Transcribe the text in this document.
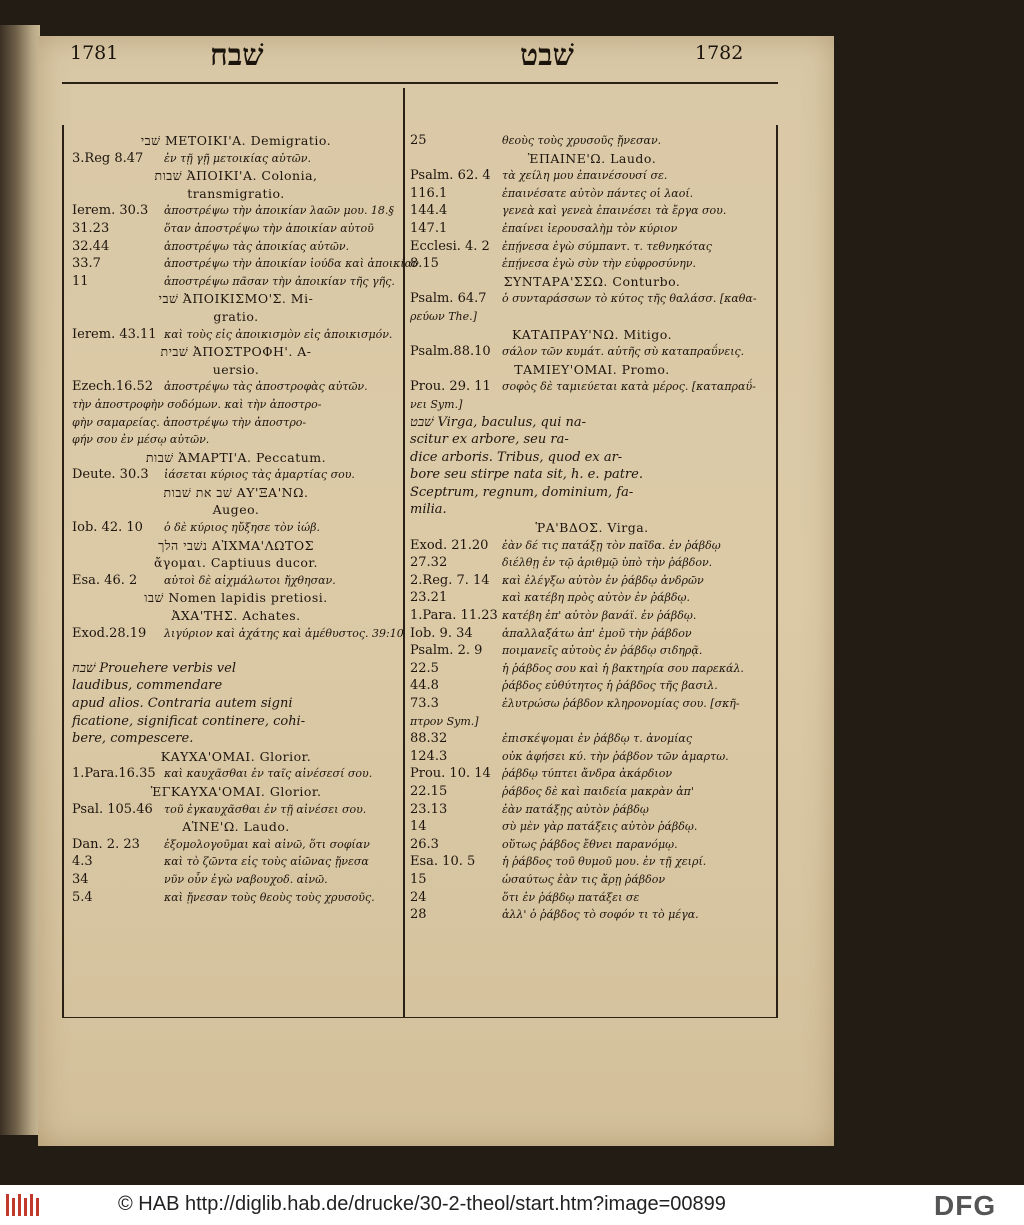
1781	שׁבח	שׁבט	1782
שׁבי ΜΕΤΟΙΚΙ'Α. Demigratio.
3.Reg 8.47 ἐν τῇ γῇ μετοικίας αὐτῶν.
שׁבות ἈΠΟΙΚΙ'Α. Colonia,
transmigratio.
Ierem. 30.3 ἀποστρέψω τὴν ἀποικίαν λαῶν μου. 18.§
31.23	ὅταν ἀποστρέψω τὴν ἀποικίαν αὐτοῦ
32.44	ἀποστρέψω τὰς ἀποικίας αὐτῶν.
33.7	ἀποστρέψω τὴν ἀποικίαν ἰούδα καὶ ἀποικίαν
11	ἀποστρέψω πᾶσαν τὴν ἀποικίαν τῆς γῆς.
שׁבי ἈΠΟΙΚΙΣΜΟ'Σ. Mi-
gratio.
Ierem. 43.11 καὶ τοὺς εἰς ἀποικισμὸν εἰς ἀποικισμόν.
שׁבית ἈΠΟΣΤΡΟΦΗ'. A-
uersio.
Ezech.16.52 ἀποστρέψω τὰς ἀποστροφὰς αὐτῶν.
τὴν ἀποστροφὴν σοδόμων. καὶ τὴν ἀποστρο-
φὴν σαμαρείας. ἀποστρέψω τὴν ἀποστρο-
φήν σου ἐν μέσῳ αὐτῶν.
שׁבות ἉΜΑΡΤΙ'Α. Peccatum.
Deute. 30.3 ἰάσεται κύριος τὰς ἁμαρτίας σου.
שׁב את שׁבות ΑΥ'ΞΑ'ΝΩ.
Augeo.
Iob. 42. 10 ὁ δὲ κύριος ηὔξησε τὸν ἰώβ.
נשׁבי הלך ΑἸΧΜΑ'ΛΩΤΟΣ
ἄγομαι. Captiuus ducor.
Esa. 46. 2 αὐτοὶ δὲ αἰχμάλωτοι ἤχθησαν.
שׁבו Nomen lapidis pretiosi.
ἈΧΑ'ΤΗΣ. Achates.
Exod.28.19 λιγύριον καὶ ἀχάτης καὶ ἀμέθυστος. 39:10
שׁבח Prouehere verbis vel
laudibus, commendare
apud alios. Contraria autem signi
ficatione, significat continere, cohi-
bere, compescere.
ΚΑΥΧΑ'ΟΜΑΙ. Glorior.
1.Para.16.35 καὶ καυχᾶσθαι ἐν ταῖς αἰνέσεσί σου.
ἘΓΚΑΥΧΑ'ΟΜΑΙ. Glorior.
Psal. 105.46 τοῦ ἐγκαυχᾶσθαι ἐν τῇ αἰνέσει σου.
ΑἸΝΕ'Ω. Laudo.
Dan. 2. 23 ἐξομολογοῦμαι καὶ αἰνῶ, ὅτι σοφίαν
4.3	καὶ τὸ ζῶντα εἰς τοὺς αἰῶνας ᾔνεσα
34	νῦν οὖν ἐγὼ ναβουχοδ. αἰνῶ.
5.4	καὶ ᾔνεσαν τοὺς θεοὺς τοὺς χρυσοῦς.
25	θεοὺς τοὺς χρυσοῦς ᾔνεσαν.
ἘΠΑΙΝΕ'Ω. Laudo.
Psalm. 62. 4 τὰ χείλη μου ἐπαινέσουσί σε.
116.1	ἐπαινέσατε αὐτὸν πάντες οἱ λαοί.
144.4	γενεὰ καὶ γενεὰ ἐπαινέσει τὰ ἔργα σου.
147.1	ἐπαίνει ἱερουσαλὴμ τὸν κύριον
Ecclesi. 4. 2 ἐπῄνεσα ἐγὼ σύμπαντ. τ. τεθνηκότας
8.15	ἐπῄνεσα ἐγὼ σὺν τὴν εὐφροσύνην.
ΣΥΝΤΑΡΑ'ΣΣΩ. Conturbo.
Psalm. 64.7 ὁ συνταράσσων τὸ κύτος τῆς θαλάσσ. [καθα-
ρεύων The.]
ΚΑΤΑΠΡΑΥ'ΝΩ. Mitigo.
Psalm.88.10 σάλον τῶν κυμάτ. αὐτῆς σὺ καταπραΰνεις.
ΤΑΜΙΕΥ'ΟΜΑΙ. Promo.
Prou. 29. 11 σοφὸς δὲ ταμιεύεται κατὰ μέρος. [καταπραΰ-
νει Sym.]
שׁבט Virga, baculus, qui na-
scitur ex arbore, seu ra-
dice arboris. Tribus, quod ex ar-
bore seu stirpe nata sit, h. e. patre.
Sceptrum, regnum, dominium, fa-
milia.
ῬΑ'ΒΔΟΣ. Virga.
Exod. 21.20 ἐὰν δέ τις πατάξῃ τὸν παῖδα. ἐν ῥάβδῳ
27.32	διέλθῃ ἐν τῷ ἀριθμῷ ὑπὸ τὴν ῥάβδον.
2.Reg. 7. 14 καὶ ἐλέγξω αὐτὸν ἐν ῥάβδῳ ἀνδρῶν
23.21	καὶ κατέβη πρὸς αὐτὸν ἐν ῥάβδῳ.
1.Para. 11.23 κατέβη ἐπ' αὐτὸν βανάϊ. ἐν ῥάβδῳ.
Iob. 9. 34	ἀπαλλαξάτω ἀπ' ἐμοῦ τὴν ῥάβδον
Psalm. 2. 9 ποιμανεῖς αὐτοὺς ἐν ῥάβδῳ σιδηρᾷ.
22.5	ἡ ῥάβδος σου καὶ ἡ βακτηρία σου παρεκάλ.
44.8	ῥάβδος εὐθύτητος ἡ ῥάβδος τῆς βασιλ.
73.3	ἐλυτρώσω ῥάβδον κληρονομίας σου. [σκῆ-
πτρον Sym.]
88.32	ἐπισκέψομαι ἐν ῥάβδῳ τ. ἀνομίας
124.3	οὐκ ἀφήσει κύ. τὴν ῥάβδον τῶν ἁμαρτω.
Prou. 10. 14 ῥάβδῳ τύπτει ἄνδρα ἀκάρδιον
22.15	ῥάβδος δὲ καὶ παιδεία μακρὰν ἀπ'
23.13	ἐὰν πατάξῃς αὐτὸν ῥάβδῳ
14	σὺ μὲν γὰρ πατάξεις αὐτὸν ῥάβδῳ.
26.3	οὕτως ῥάβδος ἔθνει παρανόμῳ.
Esa. 10. 5 ἡ ῥάβδος τοῦ θυμοῦ μου. ἐν τῇ χειρί.
15	ὡσαύτως ἐὰν τις ἄρῃ ῥάβδον
24	ὅτι ἐν ῥάβδῳ πατάξει σε
28	ἀλλ' ὁ ῥάβδος τὸ σοφόν τι τὸ μέγα.
© HAB http://diglib.hab.de/drucke/30-2-theol/start.htm?image=00899	DFG
